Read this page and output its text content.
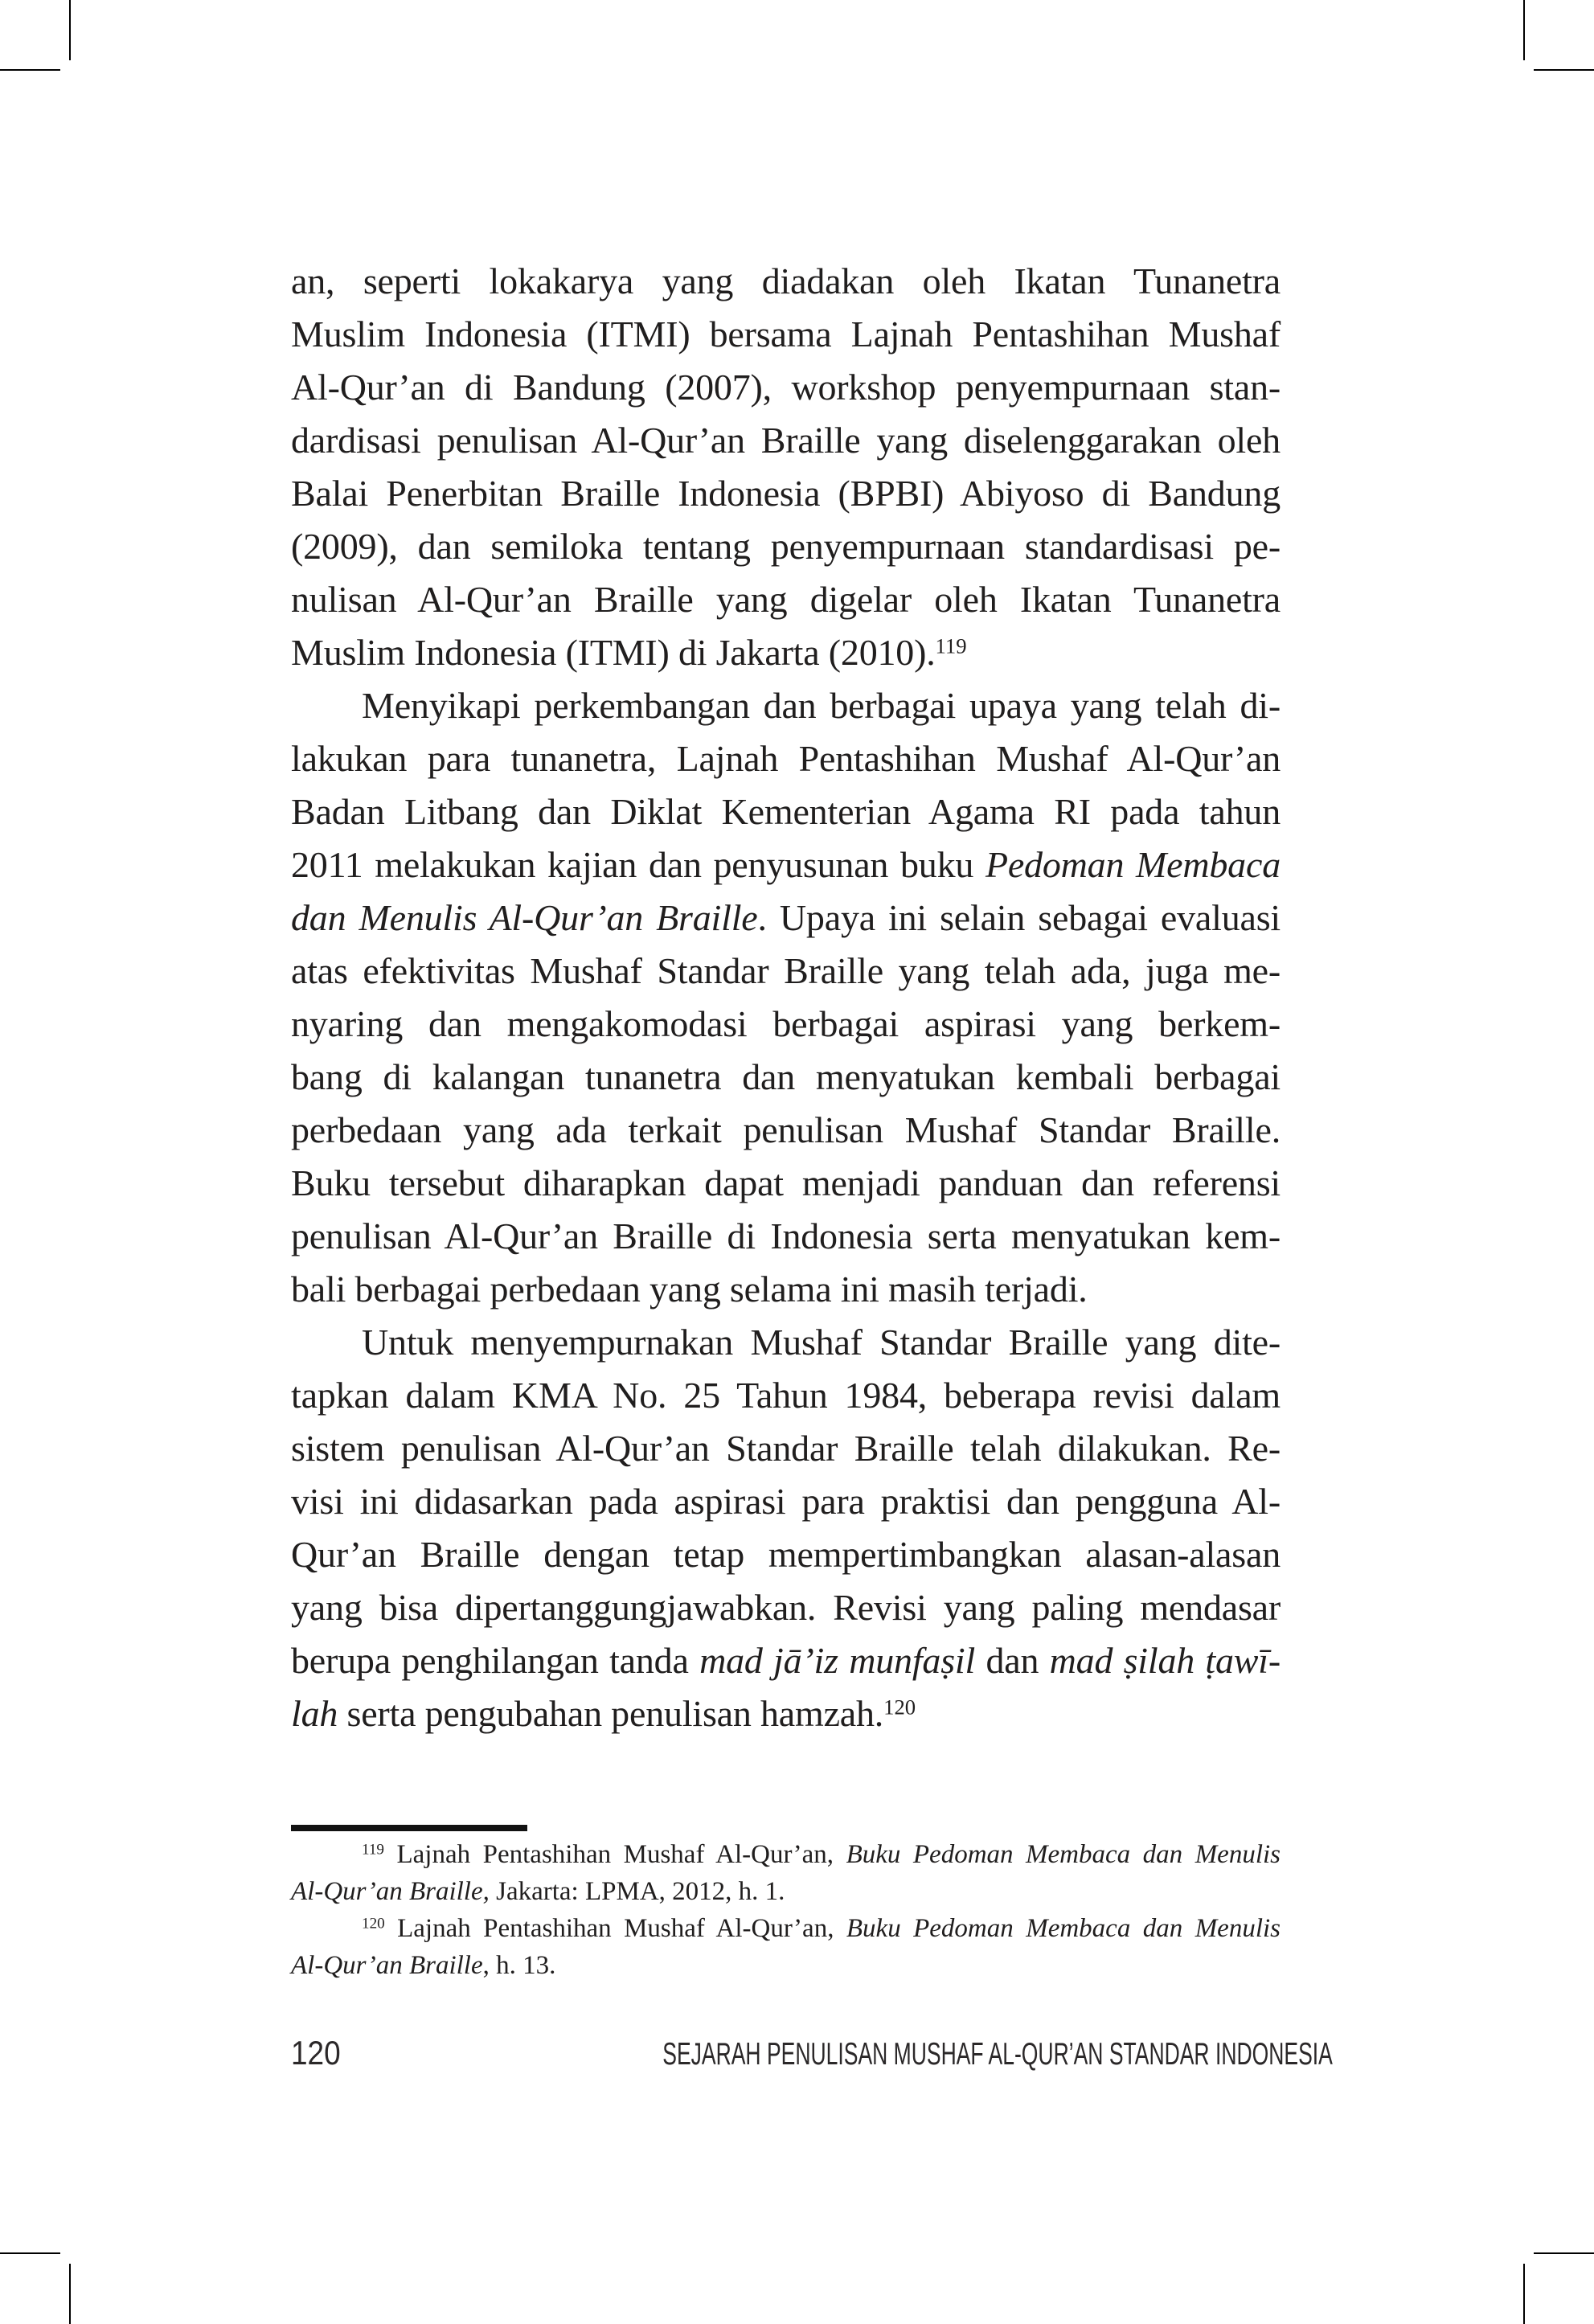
an, seperti lokakarya yang diadakan oleh Ikatan Tunanetra
Muslim Indonesia (ITMI) bersama Lajnah Pentashihan Mushaf
Al-Qur’an di Bandung (2007), workshop penyempurnaan stan-
dardisasi penulisan Al-Qur’an Braille yang diselenggarakan oleh
Balai Penerbitan Braille Indonesia (BPBI) Abiyoso di Bandung
(2009), dan semiloka tentang penyempurnaan standardisasi pe-
nulisan Al-Qur’an Braille yang digelar oleh Ikatan Tunanetra
Muslim Indonesia (ITMI) di Jakarta (2010).$^{119}$
Menyikapi perkembangan dan berbagai upaya yang telah di-
lakukan para tunanetra, Lajnah Pentashihan Mushaf Al-Qur’an
Badan Litbang dan Diklat Kementerian Agama RI pada tahun
2011 melakukan kajian dan penyusunan buku Pedoman Membaca
dan Menulis Al-Qur’an Braille. Upaya ini selain sebagai evaluasi
atas efektivitas Mushaf Standar Braille yang telah ada, juga me-
nyaring dan mengakomodasi berbagai aspirasi yang berkem-
bang di kalangan tunanetra dan menyatukan kembali berbagai
perbedaan yang ada terkait penulisan Mushaf Standar Braille.
Buku tersebut diharapkan dapat menjadi panduan dan referensi
penulisan Al-Qur’an Braille di Indonesia serta menyatukan kem-
bali berbagai perbedaan yang selama ini masih terjadi.
Untuk menyempurnakan Mushaf Standar Braille yang dite-
tapkan dalam KMA No. 25 Tahun 1984, beberapa revisi dalam
sistem penulisan Al-Qur’an Standar Braille telah dilakukan. Re-
visi ini didasarkan pada aspirasi para praktisi dan pengguna Al-
Qur’an Braille dengan tetap mempertimbangkan alasan-alasan
yang bisa dipertanggungjawabkan. Revisi yang paling mendasar
berupa penghilangan tanda mad jā’iz munfaṣil dan mad ṣilah ṭawī-
lah serta pengubahan penulisan hamzah.$^{120}$
$^{119}$ Lajnah Pentashihan Mushaf Al-Qur’an, Buku Pedoman Membaca dan Menulis
Al-Qur’an Braille, Jakarta: LPMA, 2012, h. 1.
$^{120}$ Lajnah Pentashihan Mushaf Al-Qur’an, Buku Pedoman Membaca dan Menulis
Al-Qur’an Braille, h. 13.
120	SEJARAH PENULISAN MUSHAF AL-QUR’AN STANDAR INDONESIA
